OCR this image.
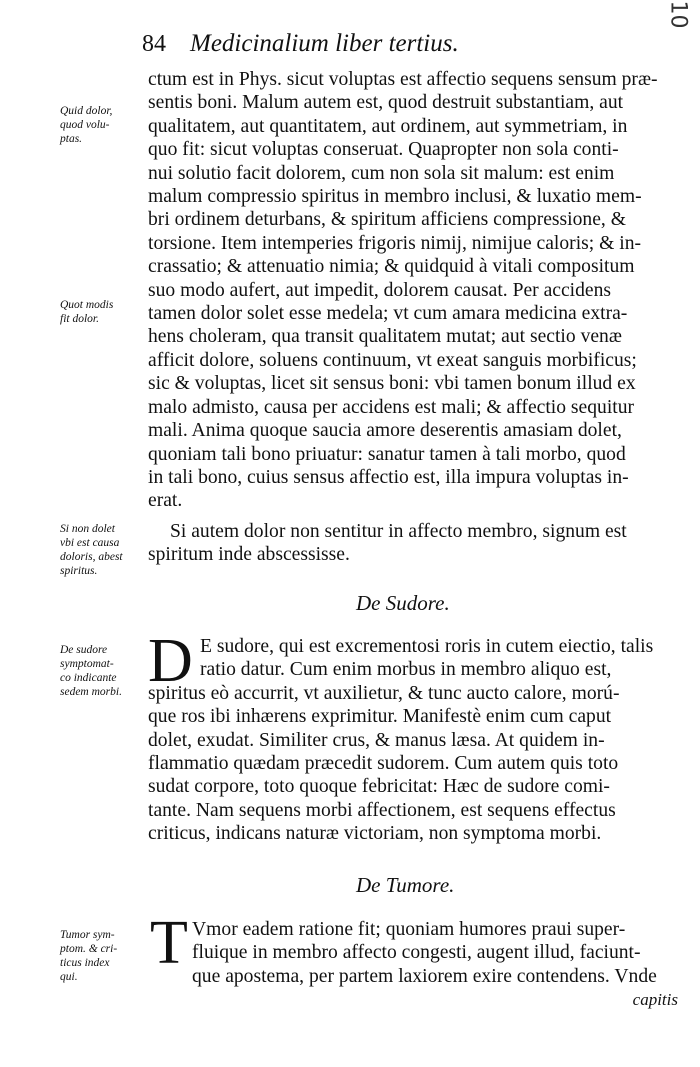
84 Medicinalium liber tertius.
10
ctum est in Phys. sicut voluptas est affectio sequens sensum præ-
sentis boni. Malum autem est, quod destruit substantiam, aut
qualitatem, aut quantitatem, aut ordinem, aut symmetriam, in
quo fit: sicut voluptas conseruat. Quapropter non sola conti-
nui solutio facit dolorem, cum non sola sit malum: est enim
malum compressio spiritus in membro inclusi, & luxatio mem-
bri ordinem deturbans, & spiritum afficiens compressione, &
torsione. Item intemperies frigoris nimij, nimijue caloris; & in-
crassatio; & attenuatio nimia; & quidquid à vitali compositum
suo modo aufert, aut impedit, dolorem causat. Per accidens
tamen dolor solet esse medela; vt cum amara medicina extra-
hens choleram, qua transit qualitatem mutat; aut sectio venæ
afficit dolore, soluens continuum, vt exeat sanguis morbificus;
sic & voluptas, licet sit sensus boni: vbi tamen bonum illud ex
malo admisto, causa per accidens est mali; & affectio sequitur
mali. Anima quoque saucia amore deserentis amasiam dolet,
quoniam tali bono priuatur: sanatur tamen à tali morbo, quod
in tali bono, cuius sensus affectio est, illa impura voluptas in-
erat.
Si autem dolor non sentitur in affecto membro, signum est
spiritum inde abscessisse.
De Sudore.
D E sudore, qui est excrementosi roris in cutem eiectio, talis
ratio datur. Cum enim morbus in membro aliquo est,
spiritus eò accurrit, vt auxilietur, & tunc aucto calore, morú-
que ros ibi inhærens exprimitur. Manifestè enim cum caput
dolet, exudat. Similiter crus, & manus læsa. At quidem in-
flammatio quædam præcedit sudorem. Cum autem quis toto
sudat corpore, toto quoque febricitat: Hæc de sudore comi-
tante. Nam sequens morbi affectionem, est sequens effectus
criticus, indicans naturæ victoriam, non symptoma morbi.
De Tumore.
T Vmor eadem ratione fit; quoniam humores praui super-
fluique in membro affecto congesti, augent illud, faciunt-
que apostema, per partem laxiorem exire contendens. Vnde
capitis
Quid dolor,
quod volu-
ptas.
Quot modis
fit dolor.
Si non dolet
vbi est causa
doloris, abest
spiritus.
De sudore
symptomat-
co indicante
sedem morbi.
Tumor sym-
ptom. & cri-
ticus index
qui.
